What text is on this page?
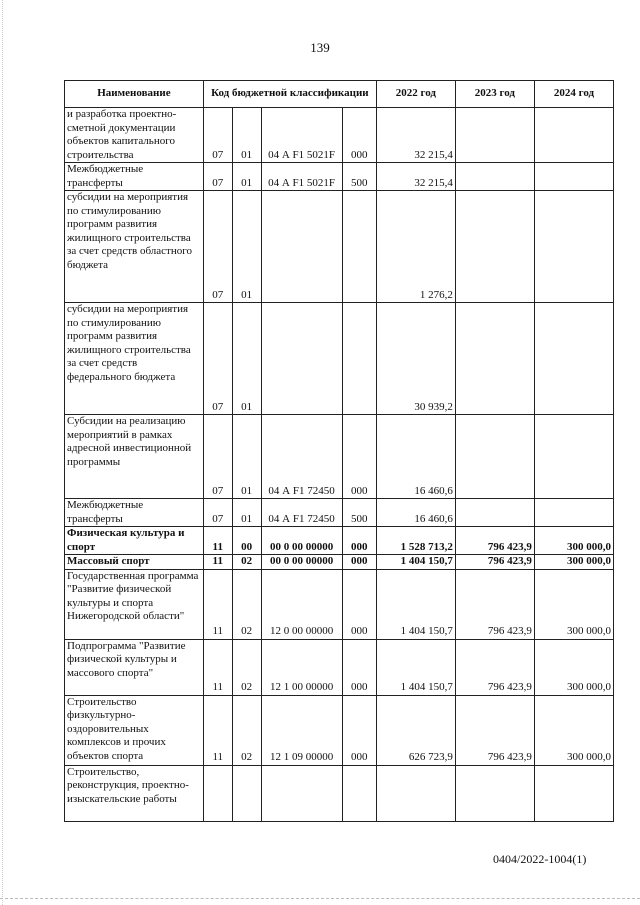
139
Наименование	Код бюджетной классификации				2022 год	2023 год	2024 год
и разработка проектно-сметной документации объектов капитального строительства	07	01	04 А F1 5021F	000	32 215,4		
Межбюджетные трансферты	07	01	04 А F1 5021F	500	32 215,4		
субсидии на мероприятия по стимулированию программ развития жилищного строительства за счет средств областного бюджета	07	01			1 276,2		
субсидии на мероприятия по стимулированию программ развития жилищного строительства за счет средств федерального бюджета	07	01			30 939,2		
Субсидии на реализацию мероприятий в рамках адресной инвестиционной программы	07	01	04 А F1 72450	000	16 460,6		
Межбюджетные трансферты	07	01	04 А F1 72450	500	16 460,6		
Физическая культура и спорт	11	00	00 0 00 00000	000	1 528 713,2	796 423,9	300 000,0
Массовый спорт	11	02	00 0 00 00000	000	1 404 150,7	796 423,9	300 000,0
Государственная программа "Развитие физической культуры и спорта Нижегородской области"	11	02	12 0 00 00000	000	1 404 150,7	796 423,9	300 000,0
Подпрограмма "Развитие физической культуры и массового спорта"	11	02	12 1 00 00000	000	1 404 150,7	796 423,9	300 000,0
Строительство физкультурно-оздоровительных комплексов и прочих объектов спорта	11	02	12 1 09 00000	000	626 723,9	796 423,9	300 000,0
Строительство, реконструкция, проектно-изыскательские работы							
0404/2022-1004(1)
